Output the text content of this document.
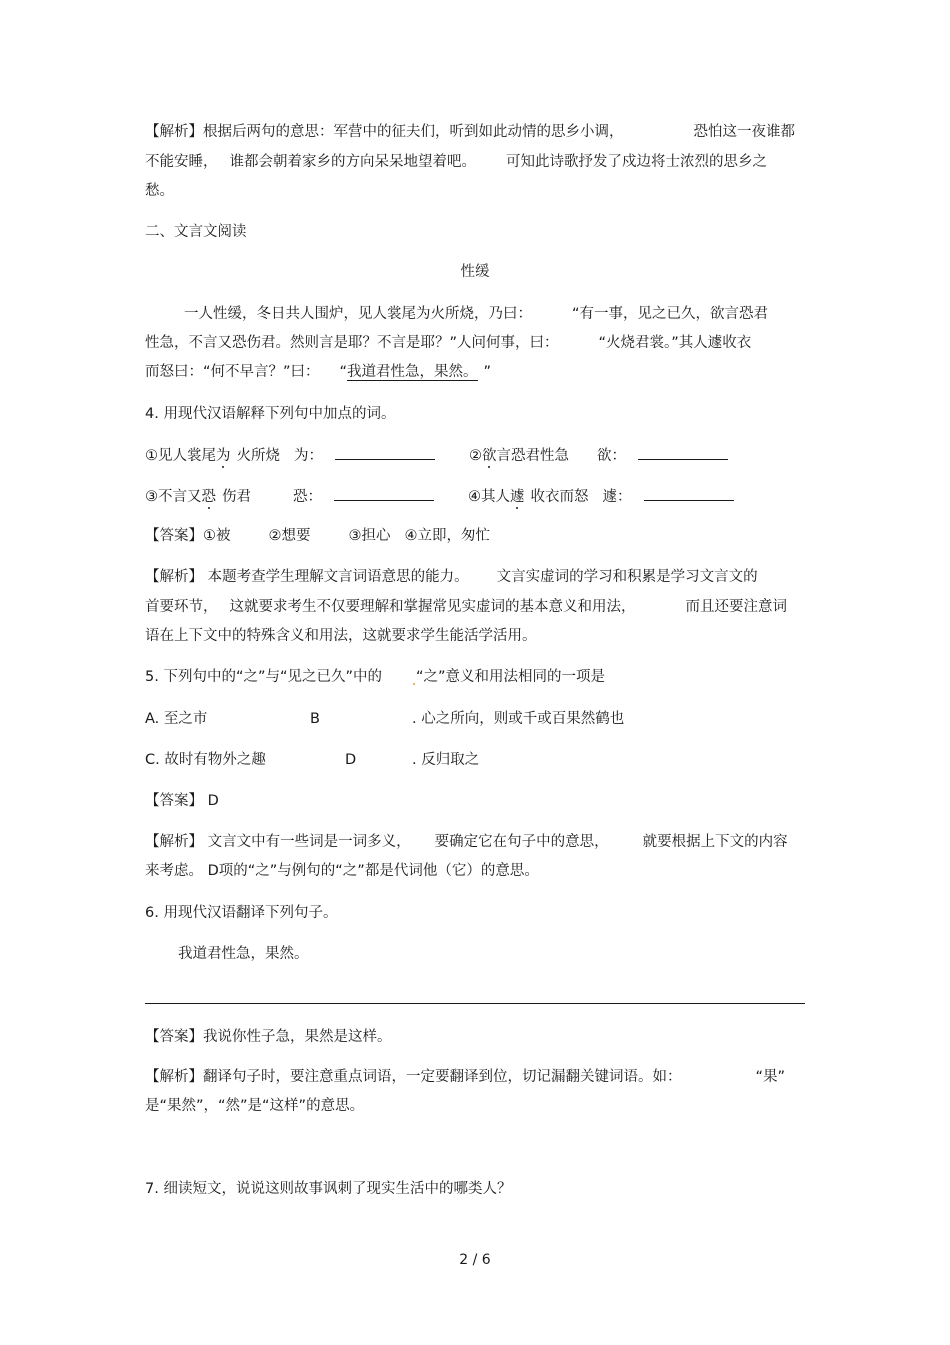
【解析】根据后两句的意思：军营中的征夫们，听到如此动情的思乡小调，	恐怕这一夜谁都

不能安睡， 谁都会朝着家乡的方向呆呆地望着吧。 可知此诗歌抒发了戍边将士浓烈的思乡之

愁。

二、文言文阅读

性缓

一人性缓，冬日共人围炉，见人裳尾为火所烧，乃曰：	“有一事，见之已久，欲言恐君

性急，不言又恐伤君。然则言是耶？不言是耶？”人问何事，曰：	“火烧君裳。”其人遽收衣

而怒曰：“何不早言？”曰： “我道君性急，果然。 ”

4. 用现代汉语解释下列句中加点的词。

①见人裳尾为 火所烧 为：	②欲言恐君性急 欲：

③不言又恐 伤君	恐：	④其人遽 收衣而怒 遽：

【答案】①被	②想要	③担心 ④立即，匆忙

【解析】 本题考查学生理解文言词语意思的能力。 文言实虚词的学习和积累是学习文言文的

首要环节， 这就要求考生不仅要理解和掌握常见实虚词的基本意义和用法，	而且还要注意词

语在上下文中的特殊含义和用法，这就要求学生能活学活用。

5. 下列句中的“之”与“见之已久”中的 “之”意义和用法相同的一项是

A. 至之市	B	. 心之所向，则或千或百果然鹤也

C. 故时有物外之趣	D	. 反归取之

【答案】 D

【解析】 文言文中有一些词是一词多义， 要确定它在句子中的意思， 就要根据上下文的内容

来考虑。 D项的“之”与例句的“之”都是代词他（它）的意思。

6. 用现代汉语翻译下列句子。

我道君性急，果然。

【答案】我说你性子急，果然是这样。

【解析】翻译句子时，要注意重点词语，一定要翻译到位，切记漏翻关键词语。如：	“果”

是“果然”，“然”是“这样”的意思。

7. 细读短文，说说这则故事讽刺了现实生活中的哪类人？

2 / 6
